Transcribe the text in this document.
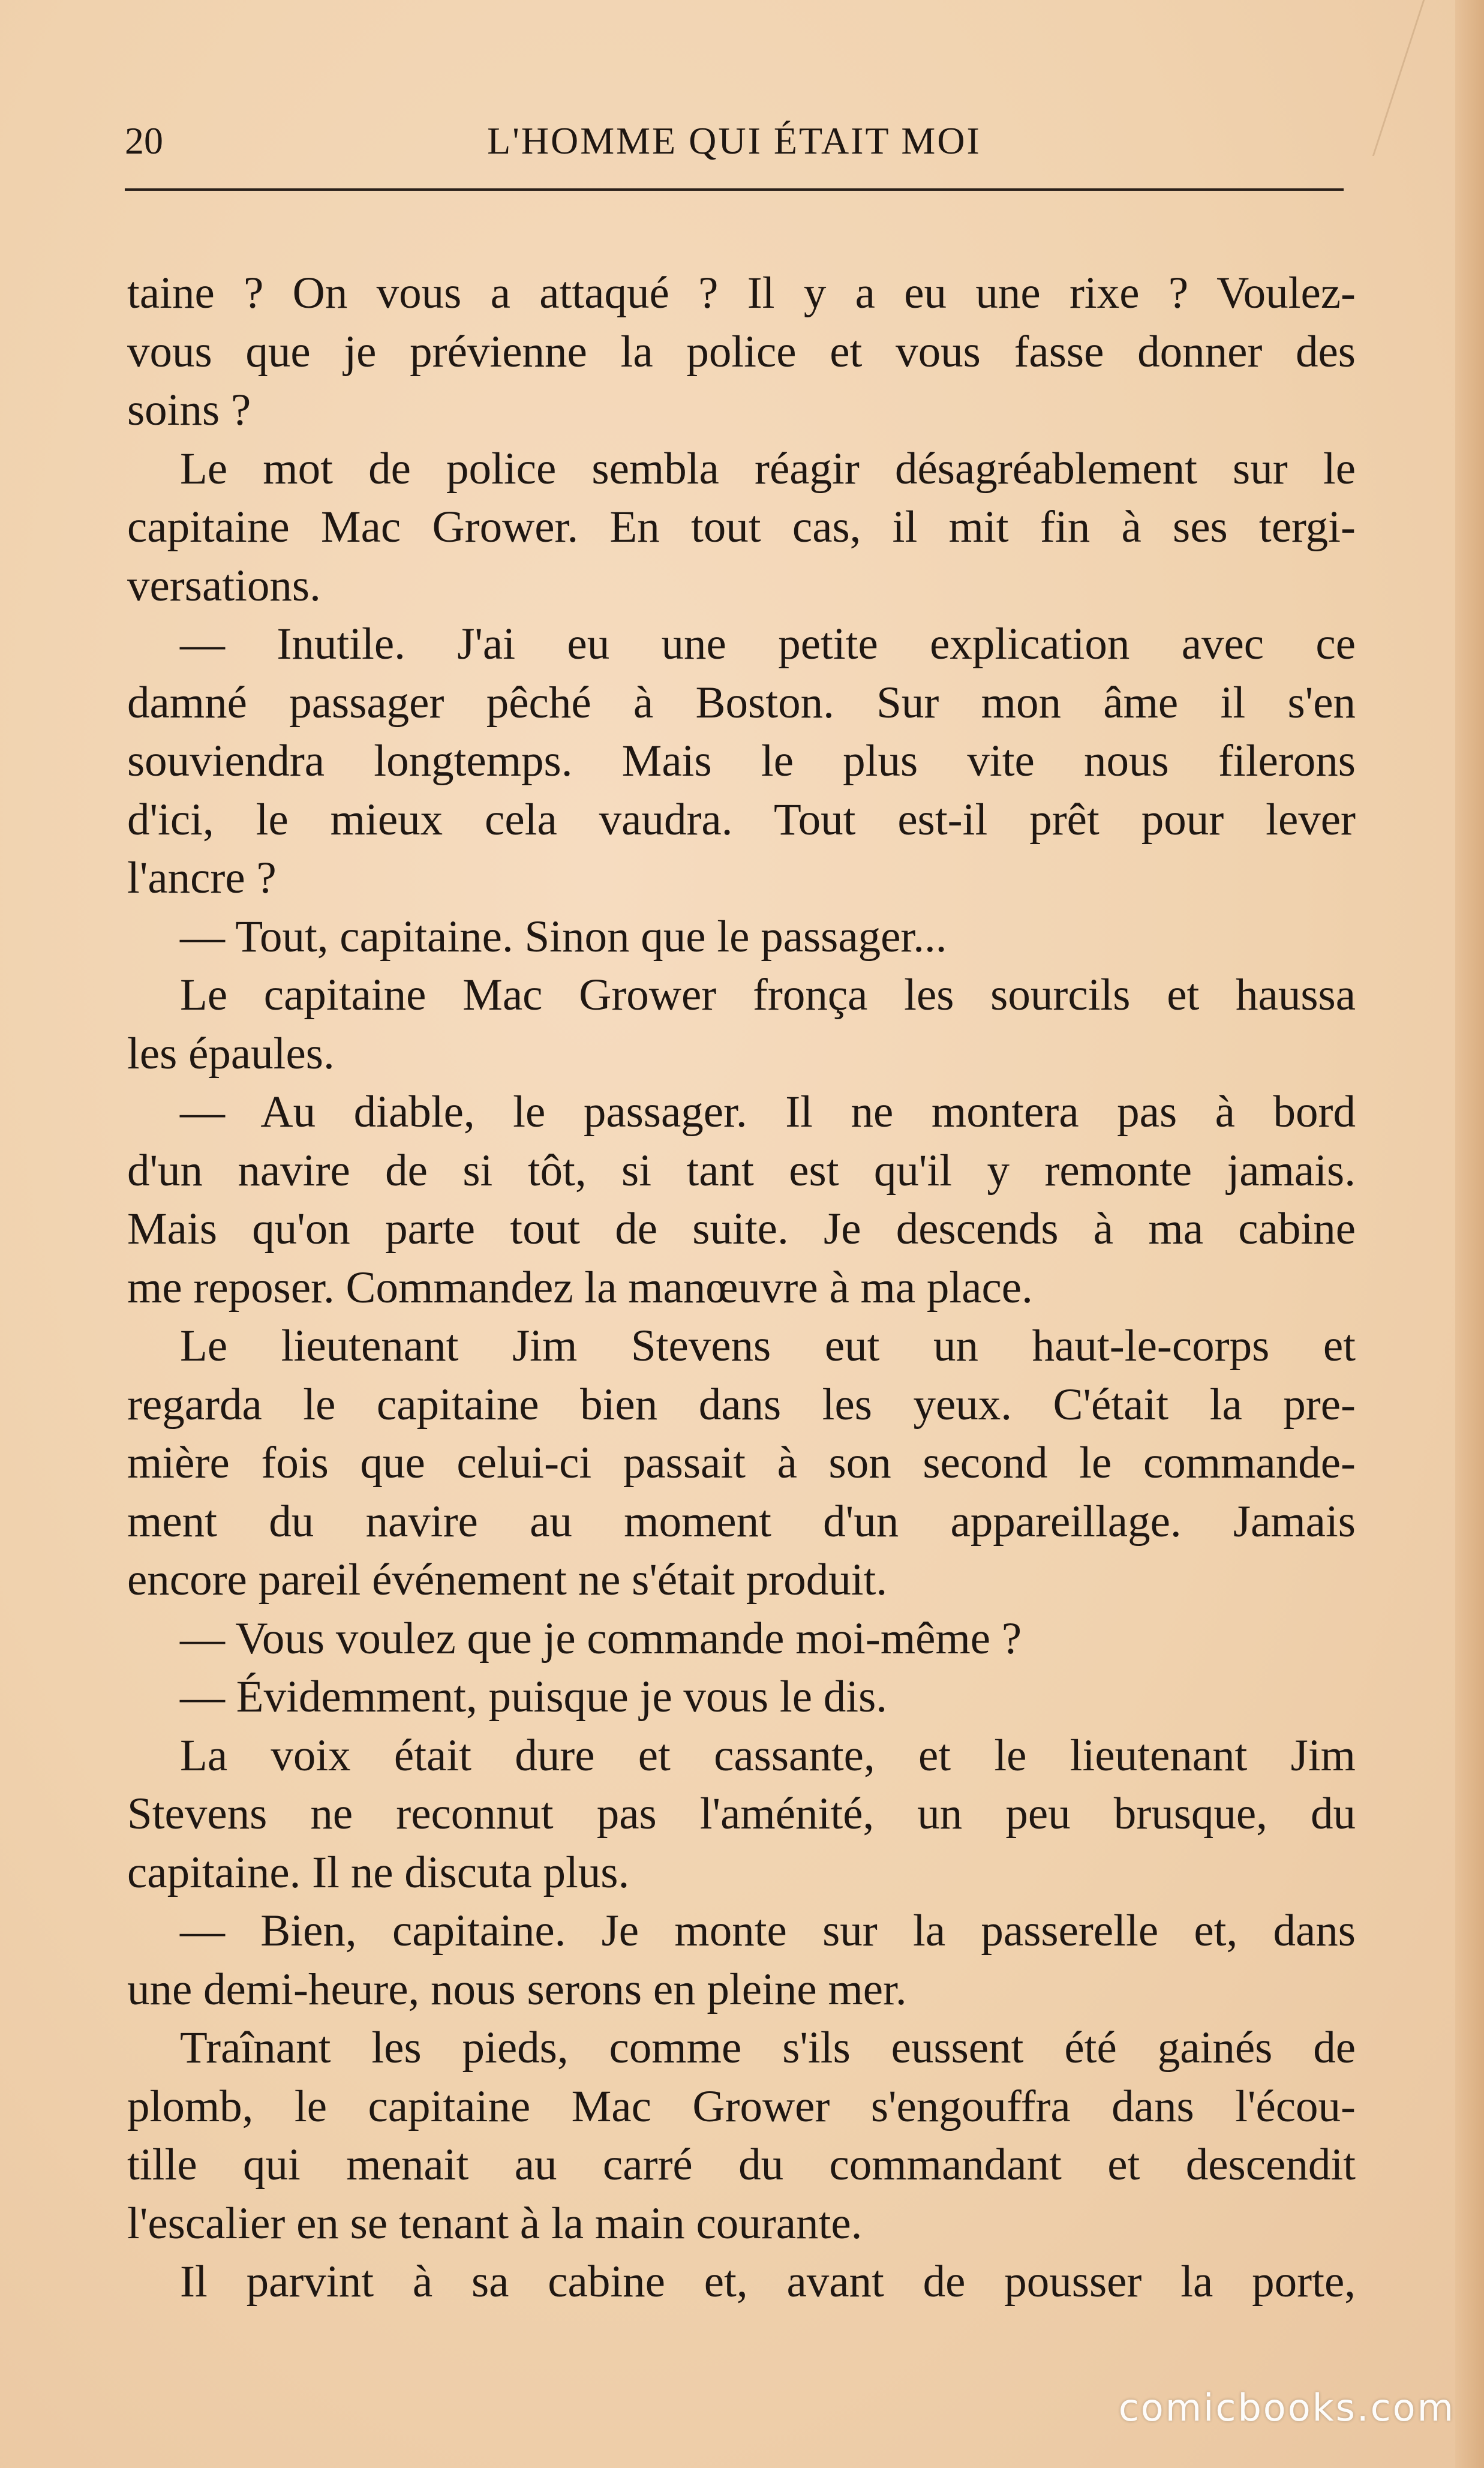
20	L'HOMME QUI ÉTAIT MOI
taine ? On vous a attaqué ? Il y a eu une rixe ? Voulez-
vous que je prévienne la police et vous fasse donner des
soins ?
Le mot de police sembla réagir désagréablement sur le
capitaine Mac Grower. En tout cas, il mit fin à ses tergi-
versations.
— Inutile. J'ai eu une petite explication avec ce
damné passager pêché à Boston. Sur mon âme il s'en
souviendra longtemps. Mais le plus vite nous filerons
d'ici, le mieux cela vaudra. Tout est-il prêt pour lever
l'ancre ?
— Tout, capitaine. Sinon que le passager...
Le capitaine Mac Grower fronça les sourcils et haussa
les épaules.
— Au diable, le passager. Il ne montera pas à bord
d'un navire de si tôt, si tant est qu'il y remonte jamais.
Mais qu'on parte tout de suite. Je descends à ma cabine
me reposer. Commandez la manœuvre à ma place.
Le lieutenant Jim Stevens eut un haut-le-corps et
regarda le capitaine bien dans les yeux. C'était la pre-
mière fois que celui-ci passait à son second le commande-
ment du navire au moment d'un appareillage. Jamais
encore pareil événement ne s'était produit.
— Vous voulez que je commande moi-même ?
— Évidemment, puisque je vous le dis.
La voix était dure et cassante, et le lieutenant Jim
Stevens ne reconnut pas l'aménité, un peu brusque, du
capitaine. Il ne discuta plus.
— Bien, capitaine. Je monte sur la passerelle et, dans
une demi-heure, nous serons en pleine mer.
Traînant les pieds, comme s'ils eussent été gainés de
plomb, le capitaine Mac Grower s'engouffra dans l'écou-
tille qui menait au carré du commandant et descendit
l'escalier en se tenant à la main courante.
Il parvint à sa cabine et, avant de pousser la porte,
comicbooks.com
